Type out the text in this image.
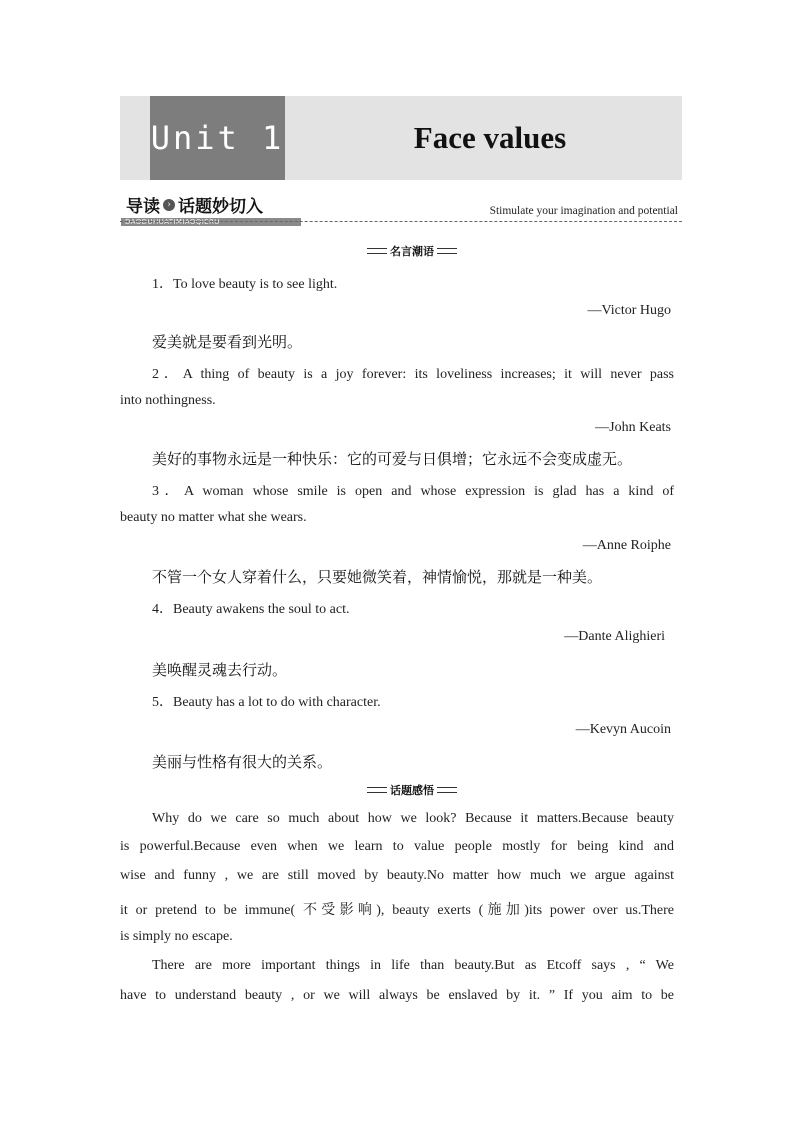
Unit 1	Face values
导读 › 话题妙切入
DAODUHUATIMIAOQIERU
Stimulate your imagination and potential
名言潮语
1．To love beauty is to see light.
—Victor Hugo
爱美就是要看到光明。
2．A thing of beauty is a joy forever: its loveliness increases; it will never pass
into nothingness.
—John Keats
美好的事物永远是一种快乐：它的可爱与日俱增；它永远不会变成虚无。
3．A woman whose smile is open and whose expression is glad has a kind of
beauty no matter what she wears.
—Anne Roiphe
不管一个女人穿着什么，只要她微笑着，神情愉悦，那就是一种美。
4．Beauty awakens the soul to act.
—Dante Alighieri
美唤醒灵魂去行动。
5．Beauty has a lot to do with character.
—Kevyn Aucoin
美丽与性格有很大的关系。
话题感悟
Why do we care so much about how we look? Because it matters.Because beauty
is powerful.Because even when we learn to value people mostly for being kind and
wise and funny , we are still moved by beauty.No matter how much we argue against
it or pretend to be immune( 不受影响), beauty exerts (施加)its power over us.There
is simply no escape.
There are more important things in life than beauty.But as Etcoff says , “ We
have to understand beauty , or we will always be enslaved by it. ” If you aim to be
